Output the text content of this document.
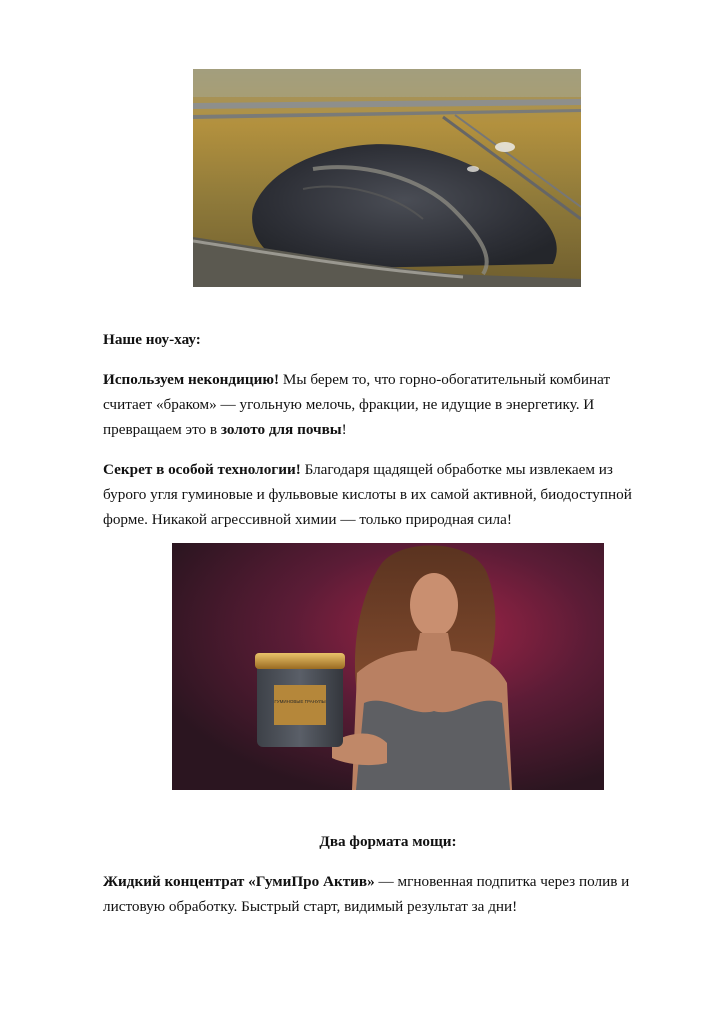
Наше ноу-хау:

Используем некондицию! Мы берем то, что горно-обогатительный комбинат считает «браком» — угольную мелочь, фракции, не идущие в энергетику. И превращаем это в золото для почвы!

Секрет в особой технологии! Благодаря щадящей обработке мы извлекаем из бурого угля гуминовые и фульвовые кислоты в их самой активной, биодоступной форме. Никакой агрессивной химии — только природная сила!

ГУМИНОВЫЕ ГРАНУЛЫ

Два формата мощи:

Жидкий концентрат «ГумиПро Актив» — мгновенная подпитка через полив и листовую обработку. Быстрый старт, видимый результат за дни!
